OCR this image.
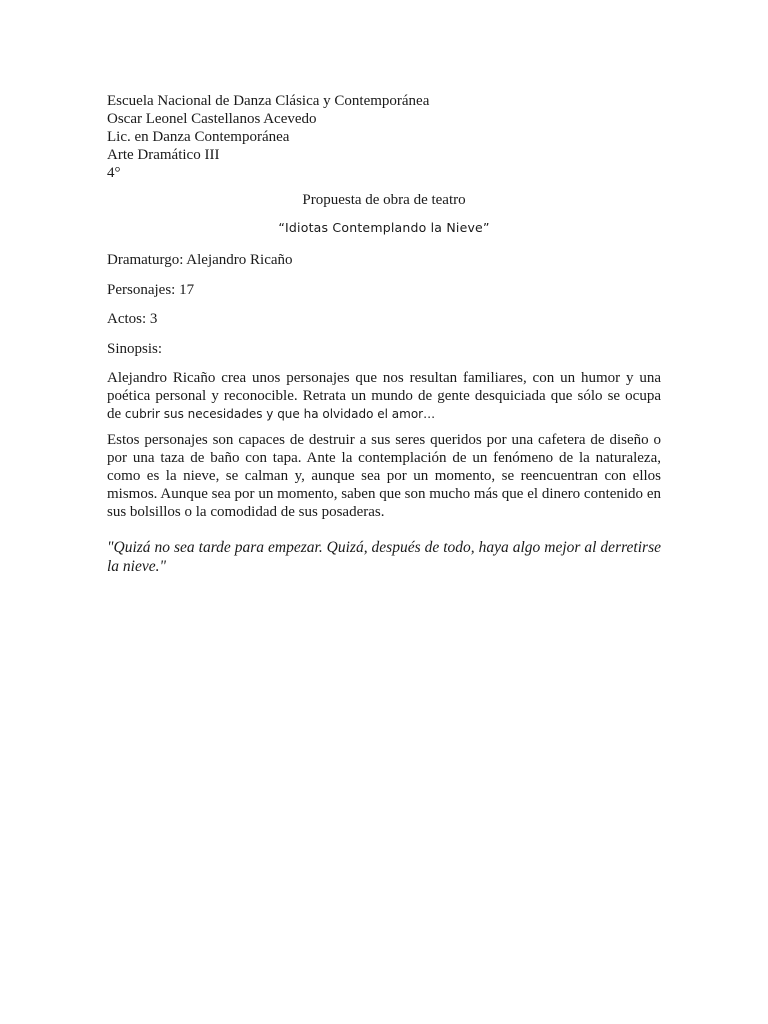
Escuela Nacional de Danza Clásica y Contemporánea
Oscar Leonel Castellanos Acevedo
Lic. en Danza Contemporánea
Arte Dramático III
4°
Propuesta de obra de teatro
“Idiotas Contemplando la Nieve”
Dramaturgo: Alejandro Ricaño
Personajes: 17
Actos: 3
Sinopsis:
Alejandro Ricaño crea unos personajes que nos resultan familiares, con un humor y una poética personal y reconocible. Retrata un mundo de gente desquiciada que sólo se ocupa de cubrir sus necesidades y que ha olvidado el amor…
Estos personajes son capaces de destruir a sus seres queridos por una cafetera de diseño o por una taza de baño con tapa. Ante la contemplación de un fenómeno de la naturaleza, como es la nieve, se calman y, aunque sea por un momento, se reencuentran con ellos mismos. Aunque sea por un momento, saben que son mucho más que el dinero contenido en sus bolsillos o la comodidad de sus posaderas.
"Quizá no sea tarde para empezar. Quizá, después de todo, haya algo mejor al derretirse la nieve."
